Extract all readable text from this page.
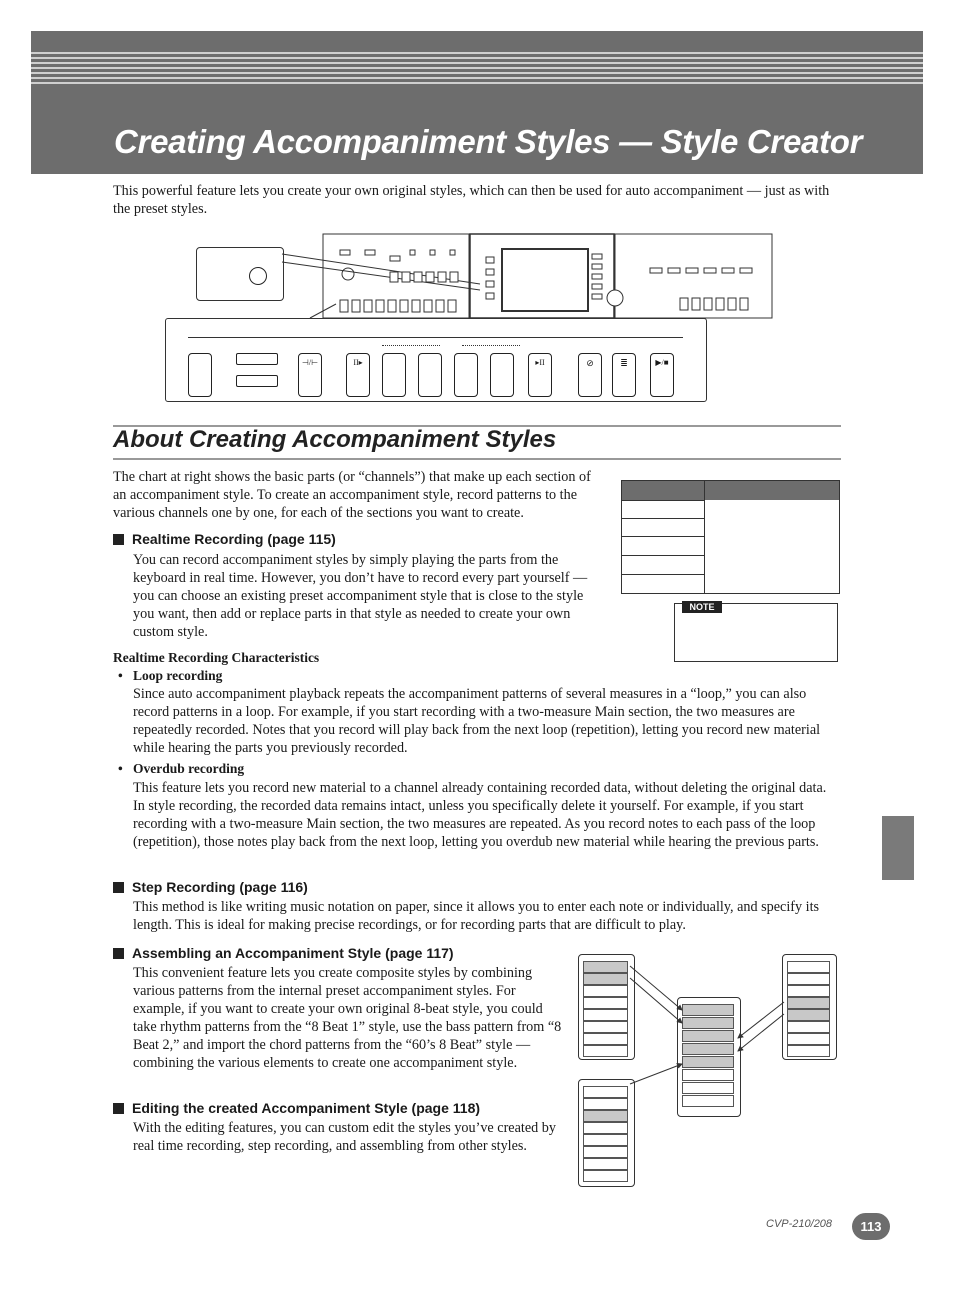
Creating Accompaniment Styles — Style Creator
This powerful feature lets you create your own original styles, which can then be used for auto accompaniment — just as with the preset styles.
⊣/⊢	II▸	▸II	⊘	≣	▶/■
About Creating Accompaniment Styles
The chart at right shows the basic parts (or “channels”) that make up each section of an accompaniment style. To create an accompaniment style, record patterns to the various channels one by one, for each of the sections you want to create.
NOTE
Realtime Recording (page 115)
You can record accompaniment styles by simply playing the parts from the keyboard in real time. However, you don’t have to record every part yourself — you can choose an existing preset accompaniment style that is close to the style you want, then add or replace parts in that style as needed to create your own custom style.
Realtime Recording Characteristics
• Loop recording
Since auto accompaniment playback repeats the accompaniment patterns of several measures in a “loop,” you can also record patterns in a loop. For example, if you start recording with a two-measure Main section, the two measures are repeatedly recorded. Notes that you record will play back from the next loop (repetition), letting you record new material while hearing the parts you previously recorded.
• Overdub recording
This feature lets you record new material to a channel already containing recorded data, without deleting the original data. In style recording, the recorded data remains intact, unless you specifically delete it yourself. For example, if you start recording with a two-measure Main section, the two measures are repeated. As you record notes to each pass of the loop (repetition), those notes play back from the next loop, letting you overdub new material while hearing the previous parts.
Step Recording (page 116)
This method is like writing music notation on paper, since it allows you to enter each note or individually, and specify its length. This is ideal for making precise recordings, or for recording parts that are difficult to play.
Assembling an Accompaniment Style (page 117)
This convenient feature lets you create composite styles by combining various patterns from the internal preset accompaniment styles. For example, if you want to create your own original 8-beat style, you could take rhythm patterns from the “8 Beat 1” style, use the bass pattern from “8 Beat 2,” and import the chord patterns from the “60’s 8 Beat” style — combining the various elements to create one accompaniment style.
Editing the created Accompaniment Style (page 118)
With the editing features, you can custom edit the styles you’ve created by real time recording, step recording, and assembling from other styles.
CVP-210/208	113
